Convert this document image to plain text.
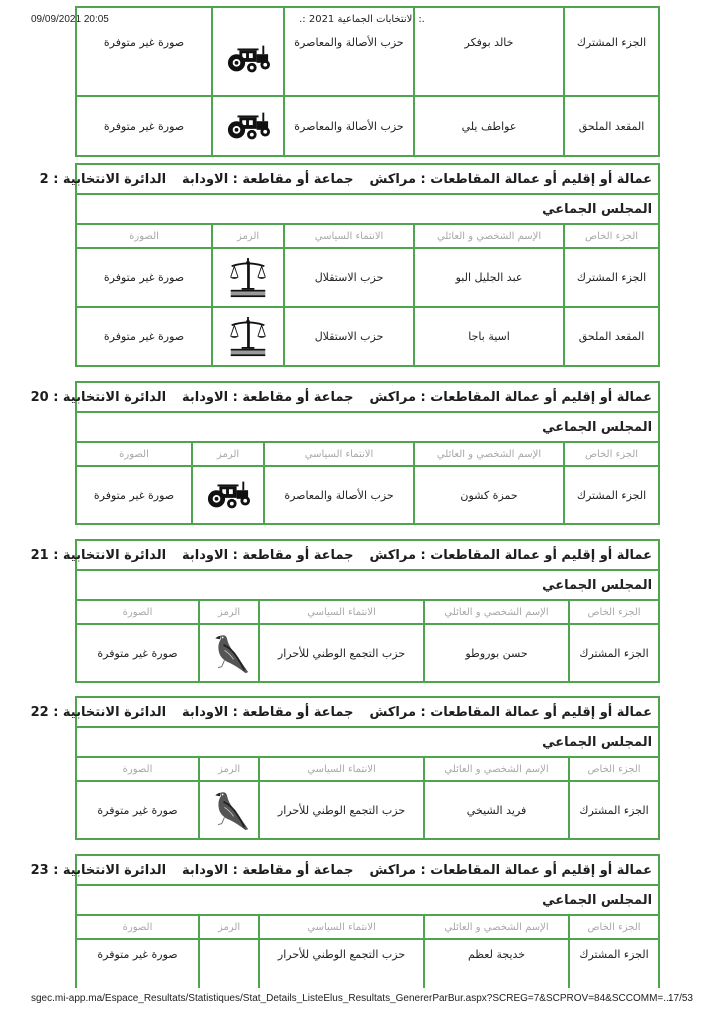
09/09/2021 20:05	.: الانتخابات الجماعية 2021 :.
الجزء المشترك	خالد بوفكر	حزب الأصالة والمعاصرة		صورة غير متوفرة
المقعد الملحق	عواطف يلي	حزب الأصالة والمعاصرة		صورة غير متوفرة
عمالة أو إقليم أو عمالة المقاطعات : مراكشجماعة أو مقاطعة : الاودابةالدائرة الانتخابية : 2				
المجلس الجماعي				
الجزء الخاص	الإسم الشخصي و العائلي	الانتماء السياسي	الرمز	الصورة
الجزء المشترك	عبد الجليل البو	حزب الاستقلال		صورة غير متوفرة
المقعد الملحق	اسية باجا	حزب الاستقلال		صورة غير متوفرة
عمالة أو إقليم أو عمالة المقاطعات : مراكشجماعة أو مقاطعة : الاودابةالدائرة الانتخابية : 20				
المجلس الجماعي				
الجزء الخاص	الإسم الشخصي و العائلي	الانتماء السياسي	الرمز	الصورة
الجزء المشترك	حمزة كشون	حزب الأصالة والمعاصرة		صورة غير متوفرة
عمالة أو إقليم أو عمالة المقاطعات : مراكشجماعة أو مقاطعة : الاودابةالدائرة الانتخابية : 21				
المجلس الجماعي				
الجزء الخاص	الإسم الشخصي و العائلي	الانتماء السياسي	الرمز	الصورة
الجزء المشترك	حسن بوروطو	حزب التجمع الوطني للأحرار		صورة غير متوفرة
عمالة أو إقليم أو عمالة المقاطعات : مراكشجماعة أو مقاطعة : الاودابةالدائرة الانتخابية : 22				
المجلس الجماعي				
الجزء الخاص	الإسم الشخصي و العائلي	الانتماء السياسي	الرمز	الصورة
الجزء المشترك	فريد الشيخي	حزب التجمع الوطني للأحرار		صورة غير متوفرة
عمالة أو إقليم أو عمالة المقاطعات : مراكشجماعة أو مقاطعة : الاودابةالدائرة الانتخابية : 23				
المجلس الجماعي				
الجزء الخاص	الإسم الشخصي و العائلي	الانتماء السياسي	الرمز	الصورة
الجزء المشترك	خديجة لعظم	حزب التجمع الوطني للأحرار		صورة غير متوفرة
sgec.mi-app.ma/Espace_Resultats/Statistiques/Stat_Details_ListeElus_Resultats_GenererParBur.aspx?SCREG=7&SCPROV=84&SCCOMM=...
17/53
